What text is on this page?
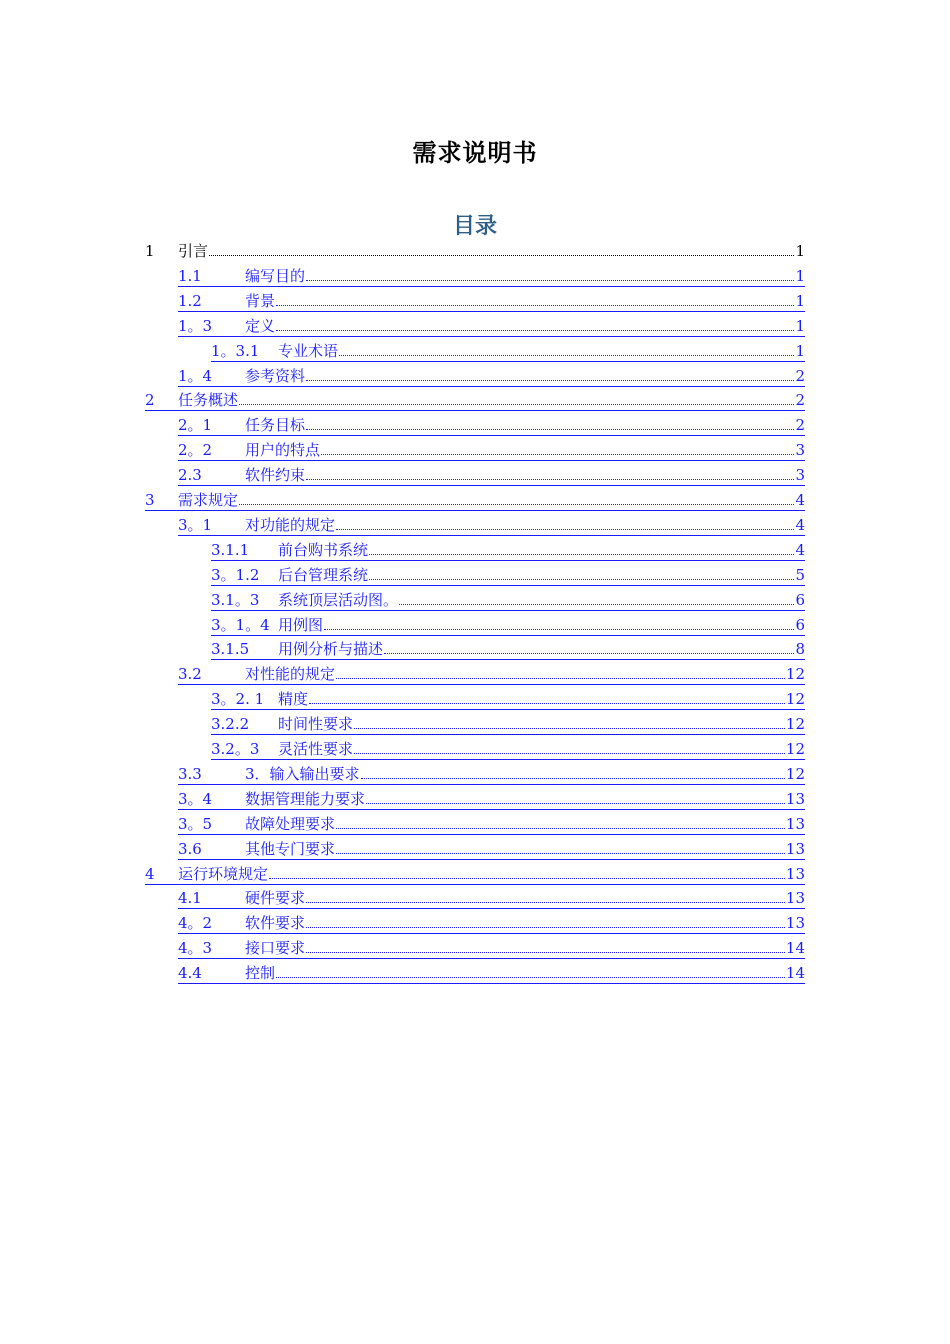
需求说明书
目录
1	引言	1
1.1	编写目的	1
1.2	背景	1
1。3	定义	1
1。3.1	专业术语	1
1。4	参考资料	2
2	任务概述	2
2。1	任务目标	2
2。2	用户的特点	3
2.3	软件约束	3
3	需求规定	4
3。1	对功能的规定	4
3.1.1	前台购书系统	4
3。1.2	后台管理系统	5
3.1。3	系统顶层活动图。	6
3。1。4 用例图	6
3.1.5	用例分析与描述	8
3.2	对性能的规定	12
3。2. 1 精度	12
3.2.2	时间性要求	12
3.2。3	灵活性要求	12
3.3	3．输入输出要求	12
3。4	数据管理能力要求	13
3。5	故障处理要求	13
3.6	其他专门要求	13
4	运行环境规定	13
4.1	硬件要求	13
4。2	软件要求	13
4。3	接口要求	14
4.4	控制	14
